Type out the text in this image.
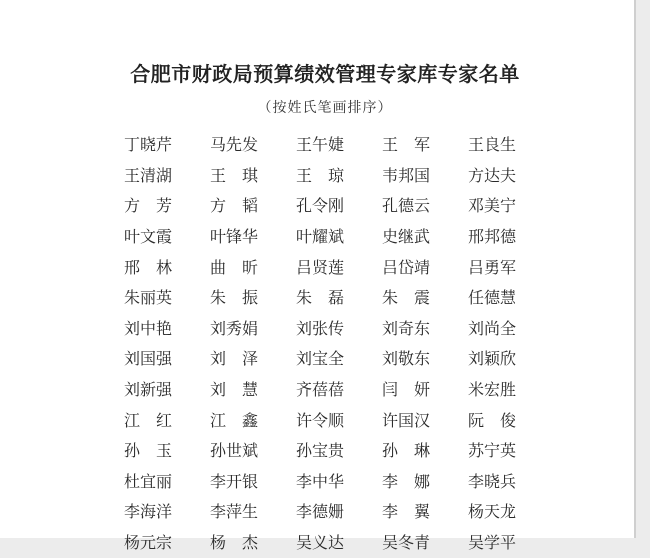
合肥市财政局预算绩效管理专家库专家名单
（按姓氏笔画排序）
丁晓芹	马先发	王午婕	王　军	王良生
王清湖	王　琪	王　琼	韦邦国	方达夫
方　芳	方　韬	孔令刚	孔德云	邓美宁
叶文霞	叶锋华	叶耀斌	史继武	邢邦德
邢　林	曲　昕	吕贤莲	吕岱靖	吕勇军
朱丽英	朱　振	朱　磊	朱　震	任德慧
刘中艳	刘秀娟	刘张传	刘奇东	刘尚全
刘国强	刘　泽	刘宝全	刘敬东	刘颖欣
刘新强	刘　慧	齐蓓蓓	闫　妍	米宏胜
江　红	江　鑫	许令顺	许国汉	阮　俊
孙　玉	孙世斌	孙宝贵	孙　琳	苏宁英
杜宜丽	李开银	李中华	李　娜	李晓兵
李海洋	李萍生	李德姗	李　翼	杨天龙
杨元宗	杨　杰	吴义达	吴冬青	吴学平
